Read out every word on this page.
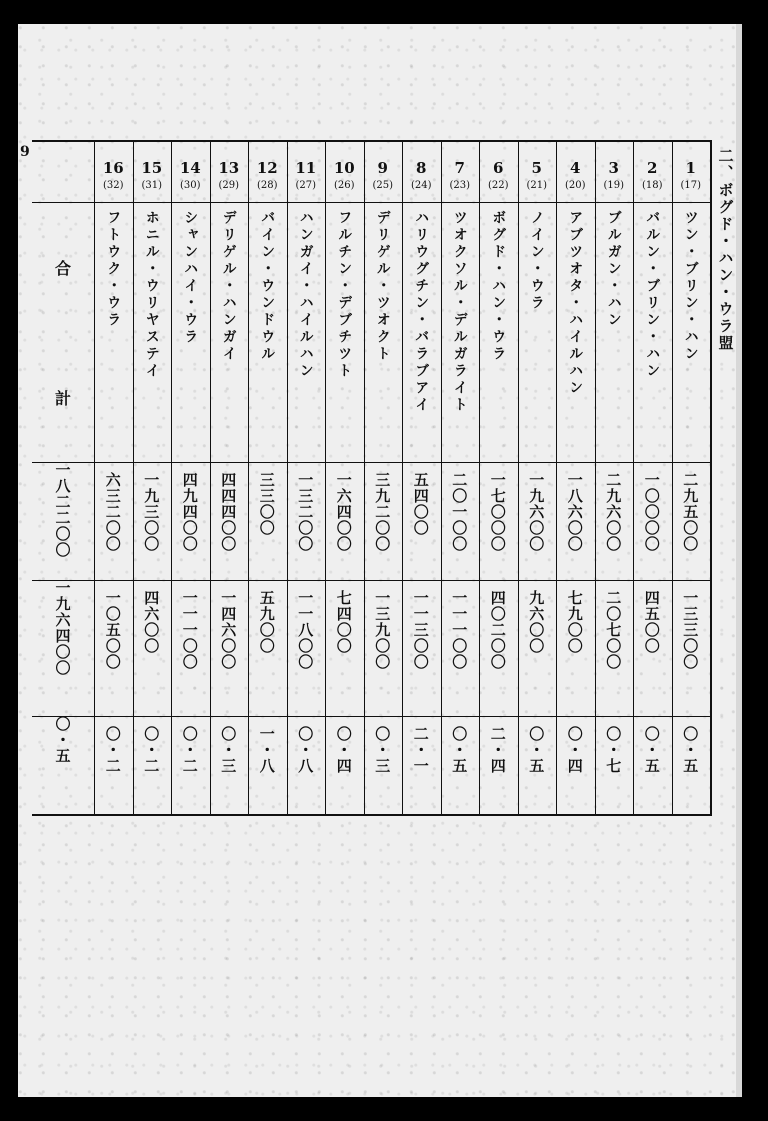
9	二、ボグド・ハン・ウラ盟
1
(17)
ツン・ブリン・ハン
二九五〇〇
一三三〇〇
〇・五
2
(18)
バルン・ブリン・ハン
一〇〇〇〇
四五〇〇
〇・五
3
(19)
ブルガン・ハン
二九六〇〇
二〇七〇〇
〇・七
4
(20)
アブツオタ・ハイルハン
一八六〇〇
七九〇〇
〇・四
5
(21)
ノイン・ウラ
一九六〇〇
九六〇〇
〇・五
6
(22)
ボグド・ハン・ウラ
一七〇〇〇
四〇二〇〇
二・四
7
(23)
ツオクソル・デルガライト
二〇一〇〇
一一一〇〇
〇・五
8
(24)
ハリウグチン・バラブアイ
五四〇〇
一一三〇〇
二・一
9
(25)
デリゲル・ツオクト
三九二〇〇
一三九〇〇
〇・三
10
(26)
フルチン・デブチツト
一六四〇〇
七四〇〇
〇・四
11
(27)
ハンガイ・ハイルハン
一三二〇〇
一一八〇〇
〇・八
12
(28)
バイン・ウンドウル
三三〇〇
五九〇〇
一・八
13
(29)
デリゲル・ハンガイ
四四四〇〇
一四六〇〇
〇・三
14
(30)
シャンハイ・ウラ
四九四〇〇
一一一〇〇
〇・二
15
(31)
ホニル・ウリヤステイ
一九三〇〇
四六〇〇
〇・二
16
(32)
フトウク・ウラ
六三二〇〇
一〇五〇〇
〇・二
合
計
一八二二〇〇
一九六四〇〇
〇・五
